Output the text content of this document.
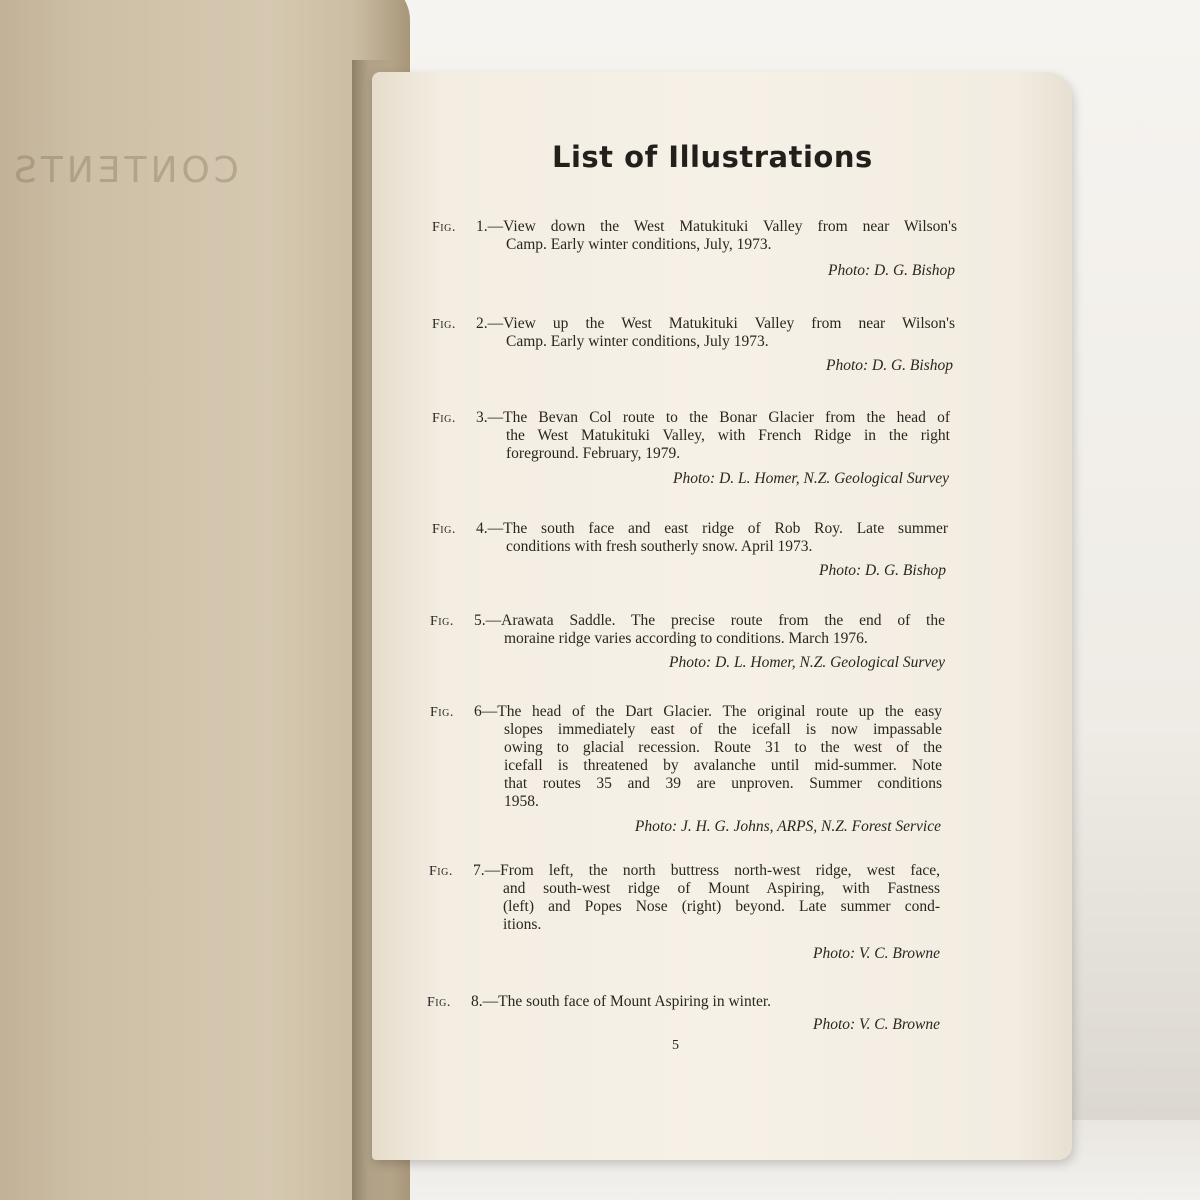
CONTENTS	List of Illustrations
Fig. 1.—View down the West Matukituki Valley from near Wilson's
Camp. Early winter conditions, July, 1973.
Photo: D. G. Bishop
Fig. 2.—View up the West Matukituki Valley from near Wilson's
Camp. Early winter conditions, July 1973.
Photo: D. G. Bishop
Fig. 3.—The Bevan Col route to the Bonar Glacier from the head of
the West Matukituki Valley, with French Ridge in the right
foreground. February, 1979.
Photo: D. L. Homer, N.Z. Geological Survey
Fig. 4.—The south face and east ridge of Rob Roy. Late summer
conditions with fresh southerly snow. April 1973.
Photo: D. G. Bishop
Fig. 5.—Arawata Saddle. The precise route from the end of the
moraine ridge varies according to conditions. March 1976.
Photo: D. L. Homer, N.Z. Geological Survey
Fig. 6—The head of the Dart Glacier. The original route up the easy
slopes immediately east of the icefall is now impassable
owing to glacial recession. Route 31 to the west of the
icefall is threatened by avalanche until mid-summer. Note
that routes 35 and 39 are unproven. Summer conditions
1958.
Photo: J. H. G. Johns, ARPS, N.Z. Forest Service
Fig. 7.—From left, the north buttress north-west ridge, west face,
and south-west ridge of Mount Aspiring, with Fastness
(left) and Popes Nose (right) beyond. Late summer cond-
itions.
Photo: V. C. Browne
Fig. 8.—The south face of Mount Aspiring in winter.
Photo: V. C. Browne
5
